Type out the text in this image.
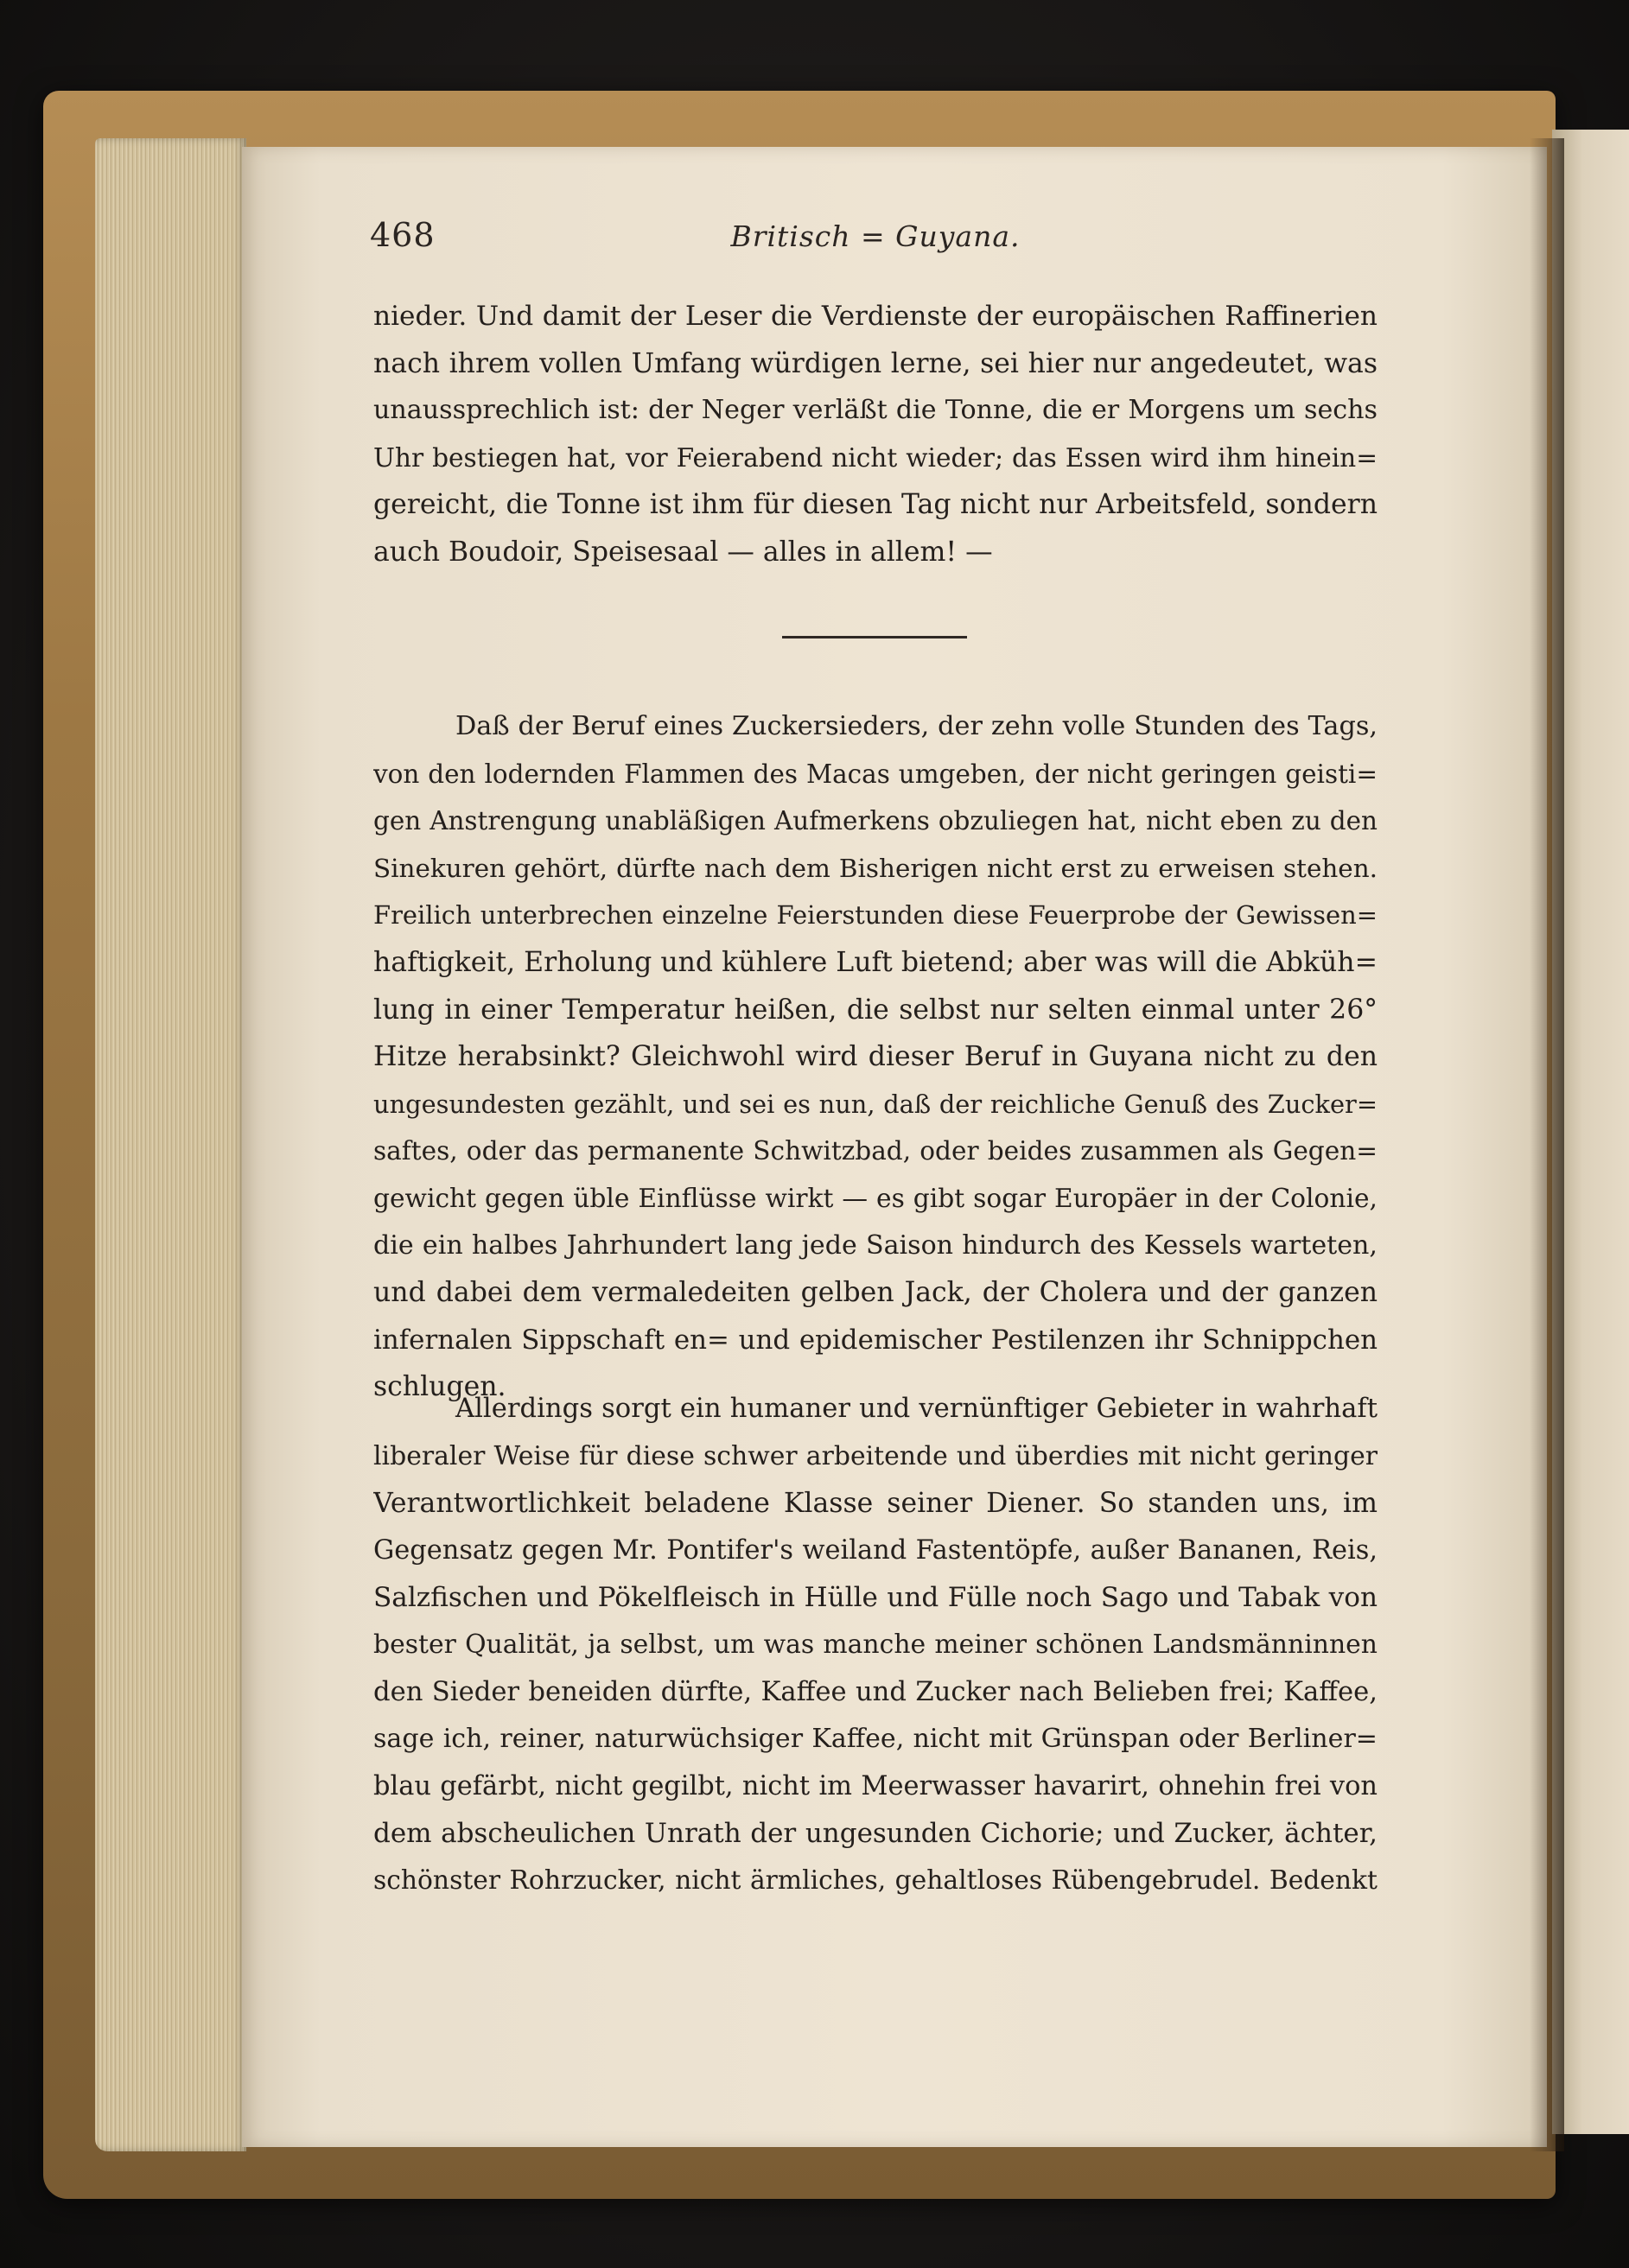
468	Britisch = Guyana.
nieder. Und damit der Leser die Verdienste der europäischen Raffinerien
nach ihrem vollen Umfang würdigen lerne, sei hier nur angedeutet, was
unaussprechlich ist: der Neger verläßt die Tonne, die er Morgens um sechs
Uhr bestiegen hat, vor Feierabend nicht wieder; das Essen wird ihm hinein=
gereicht, die Tonne ist ihm für diesen Tag nicht nur Arbeitsfeld, sondern
auch Boudoir, Speisesaal — alles in allem! —
Daß der Beruf eines Zuckersieders, der zehn volle Stunden des Tags,
von den lodernden Flammen des Macas umgeben, der nicht geringen geisti=
gen Anstrengung unabläßigen Aufmerkens obzuliegen hat, nicht eben zu den
Sinekuren gehört, dürfte nach dem Bisherigen nicht erst zu erweisen stehen.
Freilich unterbrechen einzelne Feierstunden diese Feuerprobe der Gewissen=
haftigkeit, Erholung und kühlere Luft bietend; aber was will die Abküh=
lung in einer Temperatur heißen, die selbst nur selten einmal unter 26°
Hitze herabsinkt? Gleichwohl wird dieser Beruf in Guyana nicht zu den
ungesundesten gezählt, und sei es nun, daß der reichliche Genuß des Zucker=
saftes, oder das permanente Schwitzbad, oder beides zusammen als Gegen=
gewicht gegen üble Einflüsse wirkt — es gibt sogar Europäer in der Colonie,
die ein halbes Jahrhundert lang jede Saison hindurch des Kessels warteten,
und dabei dem vermaledeiten gelben Jack, der Cholera und der ganzen
infernalen Sippschaft en= und epidemischer Pestilenzen ihr Schnippchen
schlugen.
Allerdings sorgt ein humaner und vernünftiger Gebieter in wahrhaft
liberaler Weise für diese schwer arbeitende und überdies mit nicht geringer
Verantwortlichkeit beladene Klasse seiner Diener. So standen uns, im
Gegensatz gegen Mr. Pontifer's weiland Fastentöpfe, außer Bananen, Reis,
Salzfischen und Pökelfleisch in Hülle und Fülle noch Sago und Tabak von
bester Qualität, ja selbst, um was manche meiner schönen Landsmänninnen
den Sieder beneiden dürfte, Kaffee und Zucker nach Belieben frei; Kaffee,
sage ich, reiner, naturwüchsiger Kaffee, nicht mit Grünspan oder Berliner=
blau gefärbt, nicht gegilbt, nicht im Meerwasser havarirt, ohnehin frei von
dem abscheulichen Unrath der ungesunden Cichorie; und Zucker, ächter,
schönster Rohrzucker, nicht ärmliches, gehaltloses Rübengebrudel. Bedenkt
